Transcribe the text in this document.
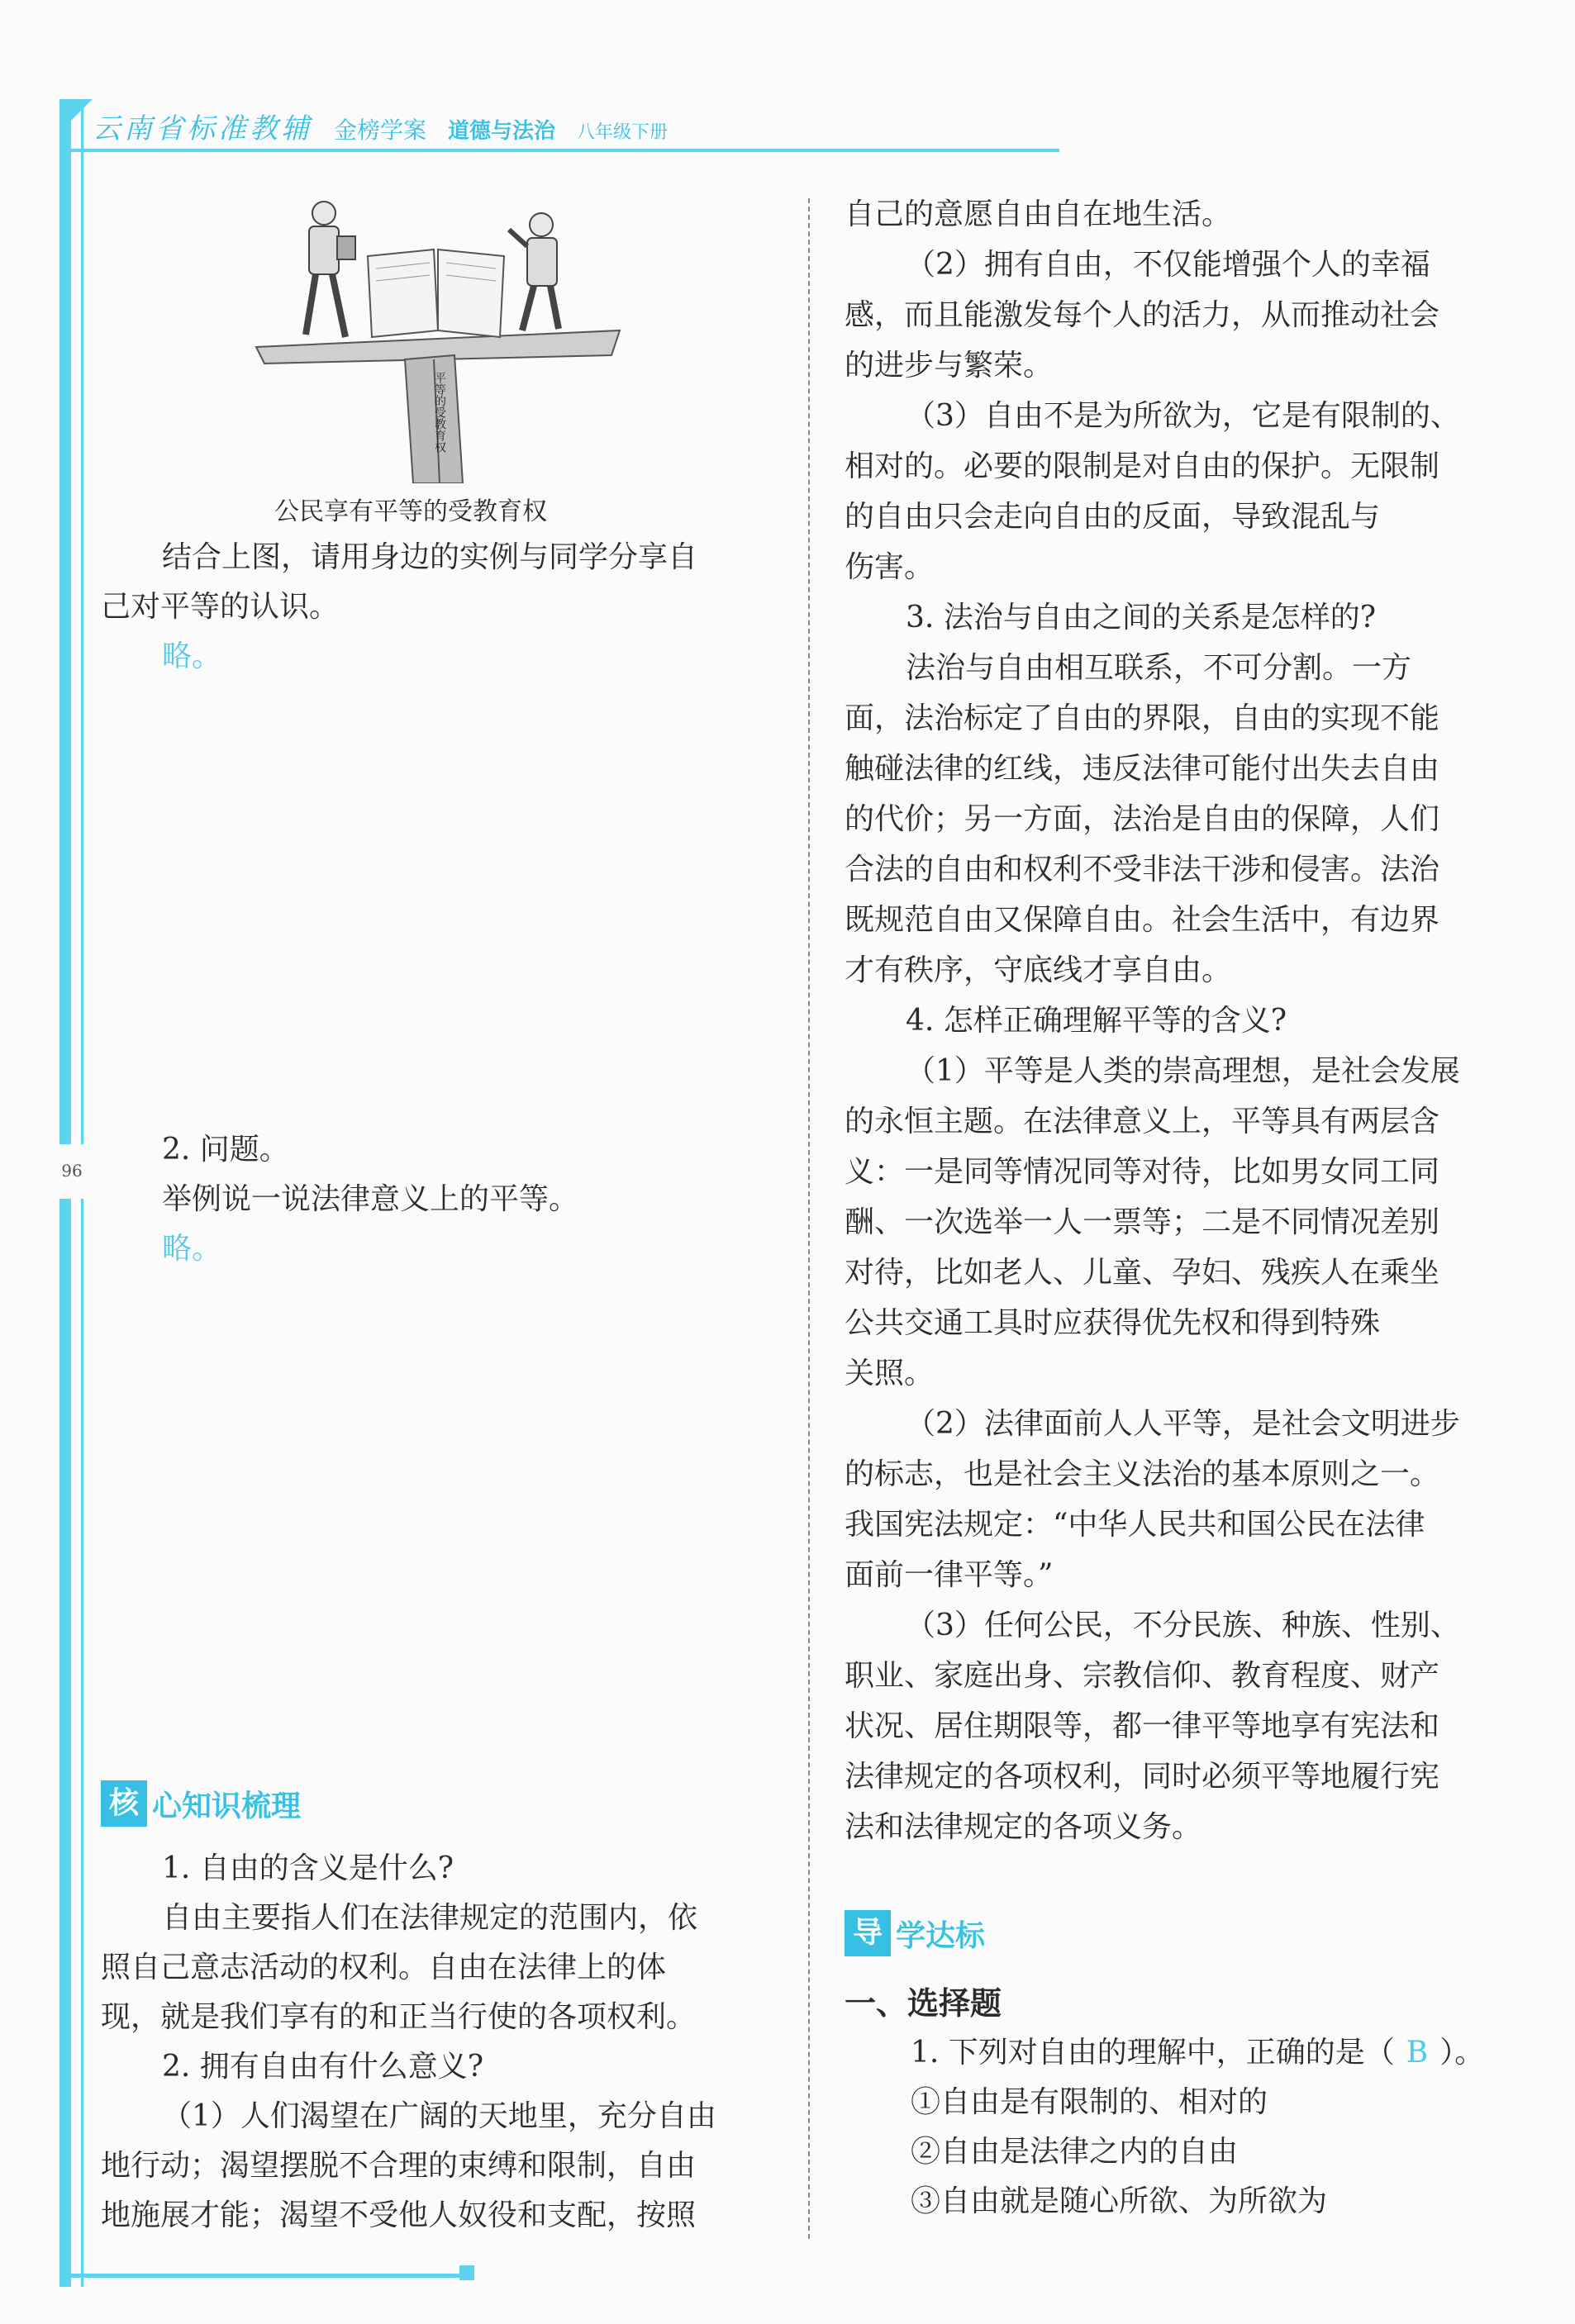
96
云南省标准教辅 金榜学案 道德与法治 八年级下册
平等的受教育权
公民享有平等的受教育权
结合上图，请用身边的实例与同学分享自
己对平等的认识。
略。
2. 问题。
举例说一说法律意义上的平等。
略。
核 心知识梳理
1. 自由的含义是什么?
自由主要指人们在法律规定的范围内，依
照自己意志活动的权利。自由在法律上的体
现，就是我们享有的和正当行使的各项权利。
2. 拥有自由有什么意义?
（1）人们渴望在广阔的天地里，充分自由
地行动；渴望摆脱不合理的束缚和限制，自由
地施展才能；渴望不受他人奴役和支配，按照
自己的意愿自由自在地生活。
（2）拥有自由，不仅能增强个人的幸福
感，而且能激发每个人的活力，从而推动社会
的进步与繁荣。
（3）自由不是为所欲为，它是有限制的、
相对的。必要的限制是对自由的保护。无限制
的自由只会走向自由的反面，导致混乱与
伤害。
3. 法治与自由之间的关系是怎样的?
法治与自由相互联系，不可分割。一方
面，法治标定了自由的界限，自由的实现不能
触碰法律的红线，违反法律可能付出失去自由
的代价；另一方面，法治是自由的保障，人们
合法的自由和权利不受非法干涉和侵害。法治
既规范自由又保障自由。社会生活中，有边界
才有秩序，守底线才享自由。
4. 怎样正确理解平等的含义?
（1）平等是人类的崇高理想，是社会发展
的永恒主题。在法律意义上，平等具有两层含
义：一是同等情况同等对待，比如男女同工同
酬、一次选举一人一票等；二是不同情况差别
对待，比如老人、儿童、孕妇、残疾人在乘坐
公共交通工具时应获得优先权和得到特殊
关照。
（2）法律面前人人平等，是社会文明进步
的标志，也是社会主义法治的基本原则之一。
我国宪法规定：“中华人民共和国公民在法律
面前一律平等。”
（3）任何公民，不分民族、种族、性别、
职业、家庭出身、宗教信仰、教育程度、财产
状况、居住期限等，都一律平等地享有宪法和
法律规定的各项权利，同时必须平等地履行宪
法和法律规定的各项义务。
导 学达标
一、选择题
1. 下列对自由的理解中，正确的是（ B ）。
①自由是有限制的、相对的
②自由是法律之内的自由
③自由就是随心所欲、为所欲为
